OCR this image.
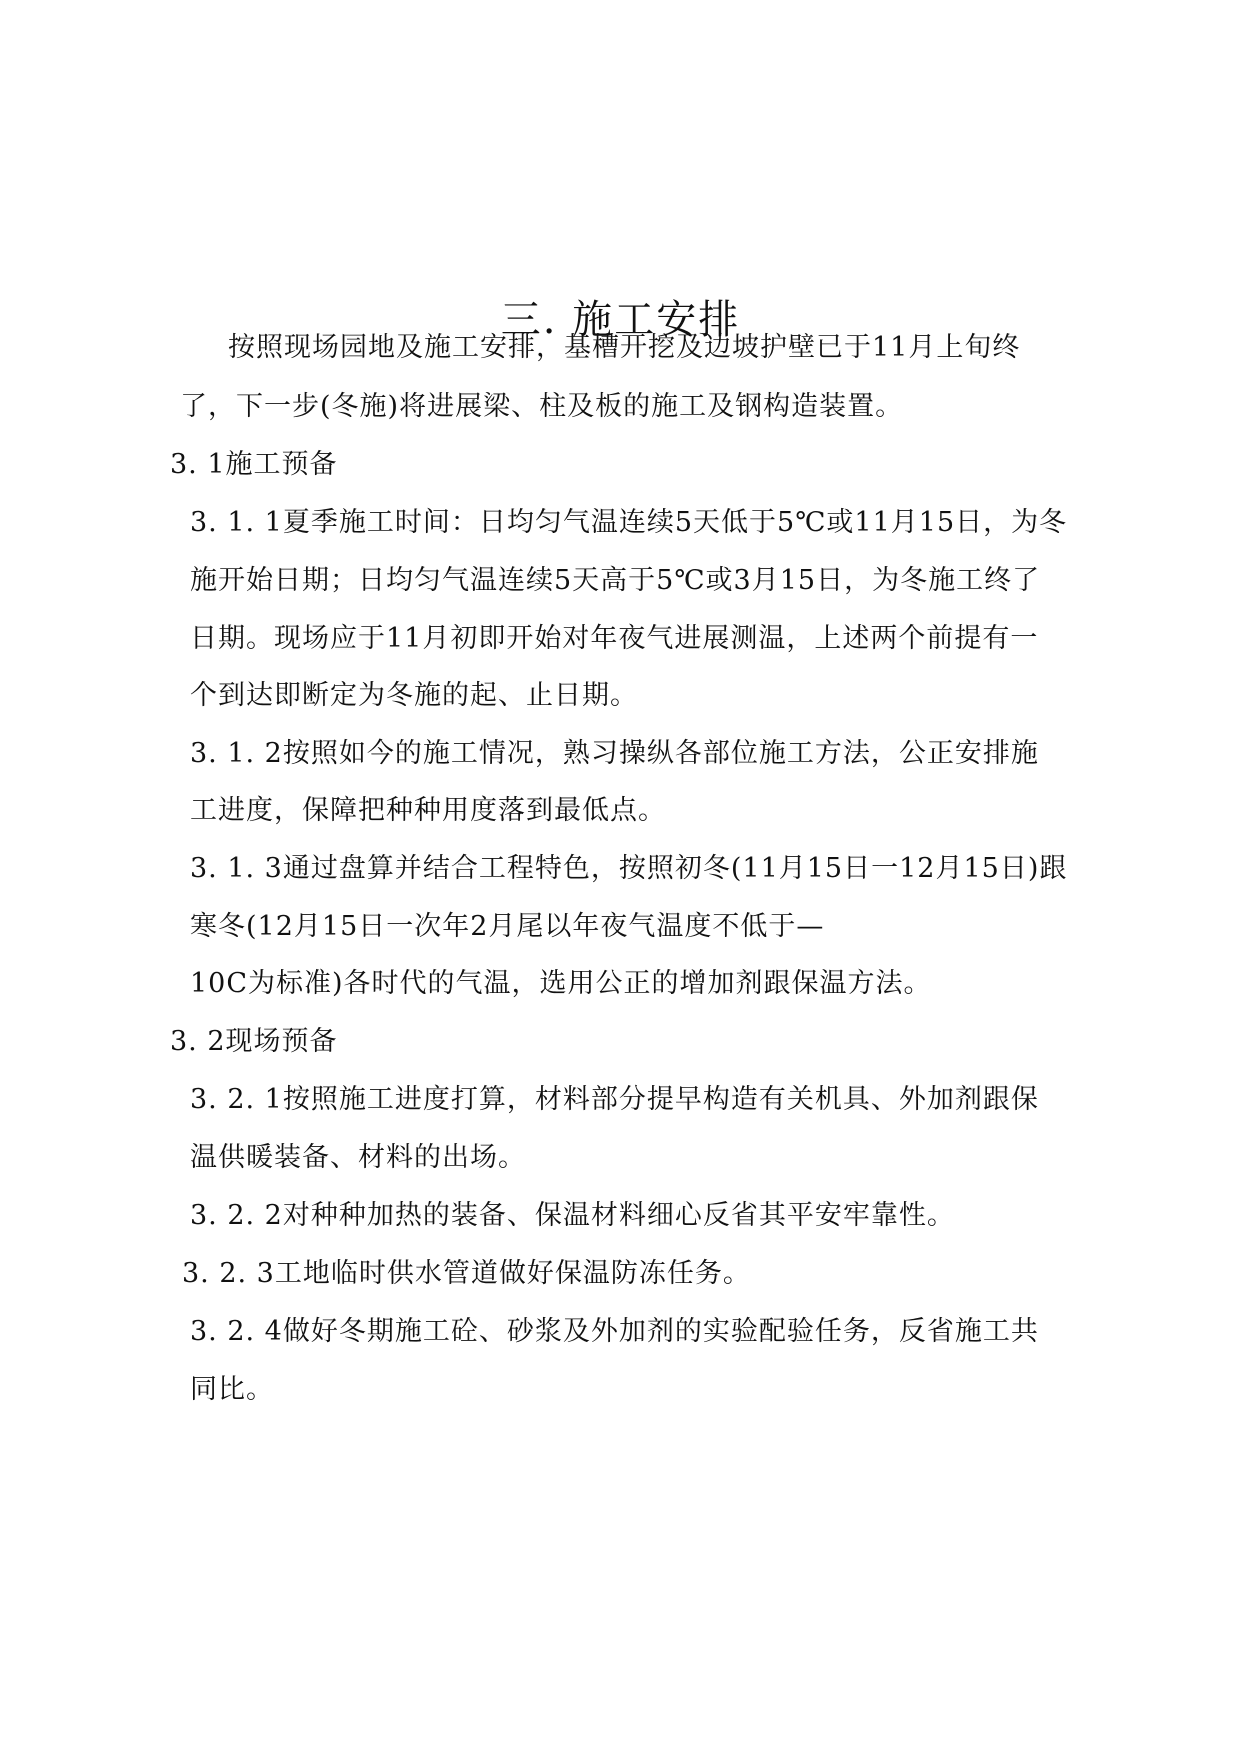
三. 施工安排
按照现场园地及施工安排，基槽开挖及边坡护壁已于11月上旬终
了，下一步(冬施)将进展梁、柱及板的施工及钢构造装置。
3. 1施工预备
3. 1. 1夏季施工时间：日均匀气温连续5天低于5℃或11月15日，为冬
施开始日期；日均匀气温连续5天高于5℃或3月15日，为冬施工终了
日期。现场应于11月初即开始对年夜气进展测温，上述两个前提有一
个到达即断定为冬施的起、止日期。
3. 1. 2按照如今的施工情况，熟习操纵各部位施工方法，公正安排施
工进度，保障把种种用度落到最低点。
3. 1. 3通过盘算并结合工程特色，按照初冬(11月15日一12月15日)跟
寒冬(12月15日一次年2月尾以年夜气温度不低于—
10C为标准)各时代的气温，选用公正的增加剂跟保温方法。
3. 2现场预备
3. 2. 1按照施工进度打算，材料部分提早构造有关机具、外加剂跟保
温供暖装备、材料的出场。
3. 2. 2对种种加热的装备、保温材料细心反省其平安牢靠性。
3. 2. 3工地临时供水管道做好保温防冻任务。
3. 2. 4做好冬期施工砼、砂浆及外加剂的实验配验任务，反省施工共
同比。
